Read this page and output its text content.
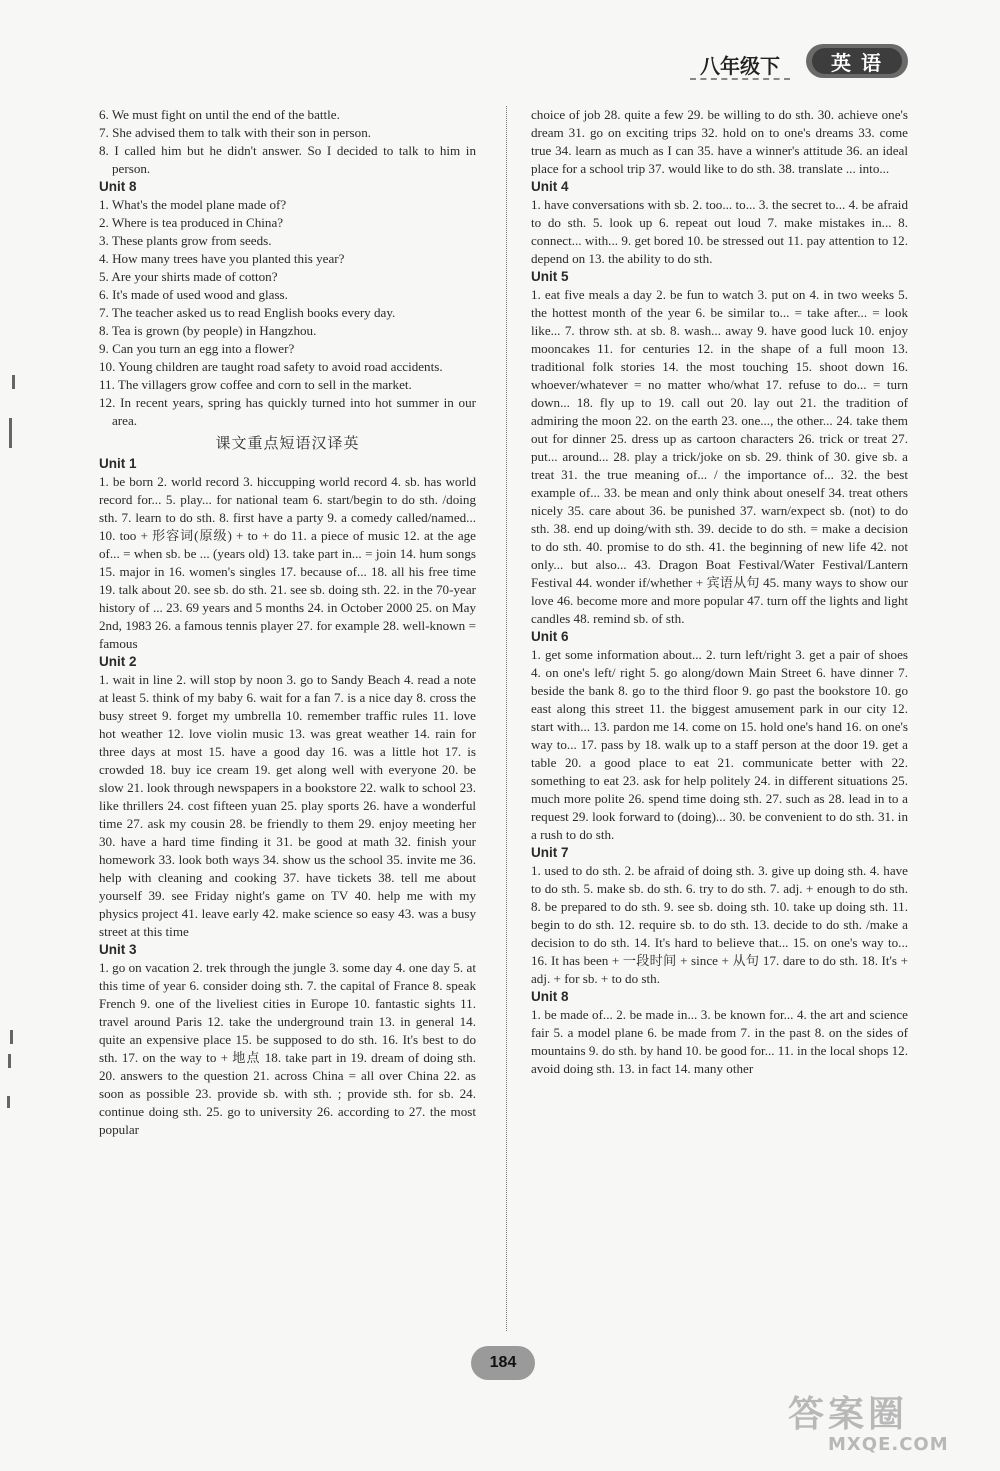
八年级下	英语

6. We must fight on until the end of the battle.

7. She advised them to talk with their son in person.

8. I called him but he didn't answer. So I decided to talk to him in person.

Unit 8

1. What's the model plane made of?

2. Where is tea produced in China?

3. These plants grow from seeds.

4. How many trees have you planted this year?

5. Are your shirts made of cotton?

6. It's made of used wood and glass.

7. The teacher asked us to read English books every day.

8. Tea is grown (by people) in Hangzhou.

9. Can you turn an egg into a flower?

10. Young children are taught road safety to avoid road accidents.

11. The villagers grow coffee and corn to sell in the market.

12. In recent years, spring has quickly turned into hot summer in our area.

课文重点短语汉译英

Unit 1

1. be born 2. world record 3. hiccupping world record 4. sb. has world record for... 5. play... for national team 6. start/begin to do sth. /doing sth. 7. learn to do sth. 8. first have a party 9. a comedy called/named... 10. too + 形容词(原级) + to + do 11. a piece of music 12. at the age of... = when sb. be ... (years old) 13. take part in... = join 14. hum songs 15. major in 16. women's singles 17. because of... 18. all his free time 19. talk about 20. see sb. do sth. 21. see sb. doing sth. 22. in the 70-year history of ... 23. 69 years and 5 months 24. in October 2000 25. on May 2nd, 1983 26. a famous tennis player 27. for example 28. well-known = famous

Unit 2

1. wait in line 2. will stop by noon 3. go to Sandy Beach 4. read a note at least 5. think of my baby 6. wait for a fan 7. is a nice day 8. cross the busy street 9. forget my umbrella 10. remember traffic rules 11. love hot weather 12. love violin music 13. was great weather 14. rain for three days at most 15. have a good day 16. was a little hot 17. is crowded 18. buy ice cream 19. get along well with everyone 20. be slow 21. look through newspapers in a bookstore 22. walk to school 23. like thrillers 24. cost fifteen yuan 25. play sports 26. have a wonderful time 27. ask my cousin 28. be friendly to them 29. enjoy meeting her 30. have a hard time finding it 31. be good at math 32. finish your homework 33. look both ways 34. show us the school 35. invite me 36. help with cleaning and cooking 37. have tickets 38. tell me about yourself 39. see Friday night's game on TV 40. help me with my physics project 41. leave early 42. make science so easy 43. was a busy street at this time

Unit 3

1. go on vacation 2. trek through the jungle 3. some day 4. one day 5. at this time of year 6. consider doing sth. 7. the capital of France 8. speak French 9. one of the liveliest cities in Europe 10. fantastic sights 11. travel around Paris 12. take the underground train 13. in general 14. quite an expensive place 15. be supposed to do sth. 16. It's best to do sth. 17. on the way to + 地点 18. take part in 19. dream of doing sth. 20. answers to the question 21. across China = all over China 22. as soon as possible 23. provide sb. with sth. ; provide sth. for sb. 24. continue doing sth. 25. go to university 26. according to 27. the most popular

choice of job 28. quite a few 29. be willing to do sth. 30. achieve one's dream 31. go on exciting trips 32. hold on to one's dreams 33. come true 34. learn as much as I can 35. have a winner's attitude 36. an ideal place for a school trip 37. would like to do sth. 38. translate ... into...

Unit 4

1. have conversations with sb. 2. too... to... 3. the secret to... 4. be afraid to do sth. 5. look up 6. repeat out loud 7. make mistakes in... 8. connect... with... 9. get bored 10. be stressed out 11. pay attention to 12. depend on 13. the ability to do sth.

Unit 5

1. eat five meals a day 2. be fun to watch 3. put on 4. in two weeks 5. the hottest month of the year 6. be similar to... = take after... = look like... 7. throw sth. at sb. 8. wash... away 9. have good luck 10. enjoy mooncakes 11. for centuries 12. in the shape of a full moon 13. traditional folk stories 14. the most touching 15. shoot down 16. whoever/whatever = no matter who/what 17. refuse to do... = turn down... 18. fly up to 19. call out 20. lay out 21. the tradition of admiring the moon 22. on the earth 23. one..., the other... 24. take them out for dinner 25. dress up as cartoon characters 26. trick or treat 27. put... around... 28. play a trick/joke on sb. 29. think of 30. give sb. a treat 31. the true meaning of... / the importance of... 32. the best example of... 33. be mean and only think about oneself 34. treat others nicely 35. care about 36. be punished 37. warn/expect sb. (not) to do sth. 38. end up doing/with sth. 39. decide to do sth. = make a decision to do sth. 40. promise to do sth. 41. the beginning of new life 42. not only... but also... 43. Dragon Boat Festival/Water Festival/Lantern Festival 44. wonder if/whether + 宾语从句 45. many ways to show our love 46. become more and more popular 47. turn off the lights and light candles 48. remind sb. of sth.

Unit 6

1. get some information about... 2. turn left/right 3. get a pair of shoes 4. on one's left/ right 5. go along/down Main Street 6. have dinner 7. beside the bank 8. go to the third floor 9. go past the bookstore 10. go east along this street 11. the biggest amusement park in our city 12. start with... 13. pardon me 14. come on 15. hold one's hand 16. on one's way to... 17. pass by 18. walk up to a staff person at the door 19. get a table 20. a good place to eat 21. communicate better with 22. something to eat 23. ask for help politely 24. in different situations 25. much more polite 26. spend time doing sth. 27. such as 28. lead in to a request 29. look forward to (doing)... 30. be convenient to do sth. 31. in a rush to do sth.

Unit 7

1. used to do sth. 2. be afraid of doing sth. 3. give up doing sth. 4. have to do sth. 5. make sb. do sth. 6. try to do sth. 7. adj. + enough to do sth. 8. be prepared to do sth. 9. see sb. doing sth. 10. take up doing sth. 11. begin to do sth. 12. require sb. to do sth. 13. decide to do sth. /make a decision to do sth. 14. It's hard to believe that... 15. on one's way to... 16. It has been + 一段时间 + since + 从句 17. dare to do sth. 18. It's + adj. + for sb. + to do sth.

Unit 8

1. be made of... 2. be made in... 3. be known for... 4. the art and science fair 5. a model plane 6. be made from 7. in the past 8. on the sides of mountains 9. do sth. by hand 10. be good for... 11. in the local shops 12. avoid doing sth. 13. in fact 14. many other

184
答案圈
MXQE.COM
